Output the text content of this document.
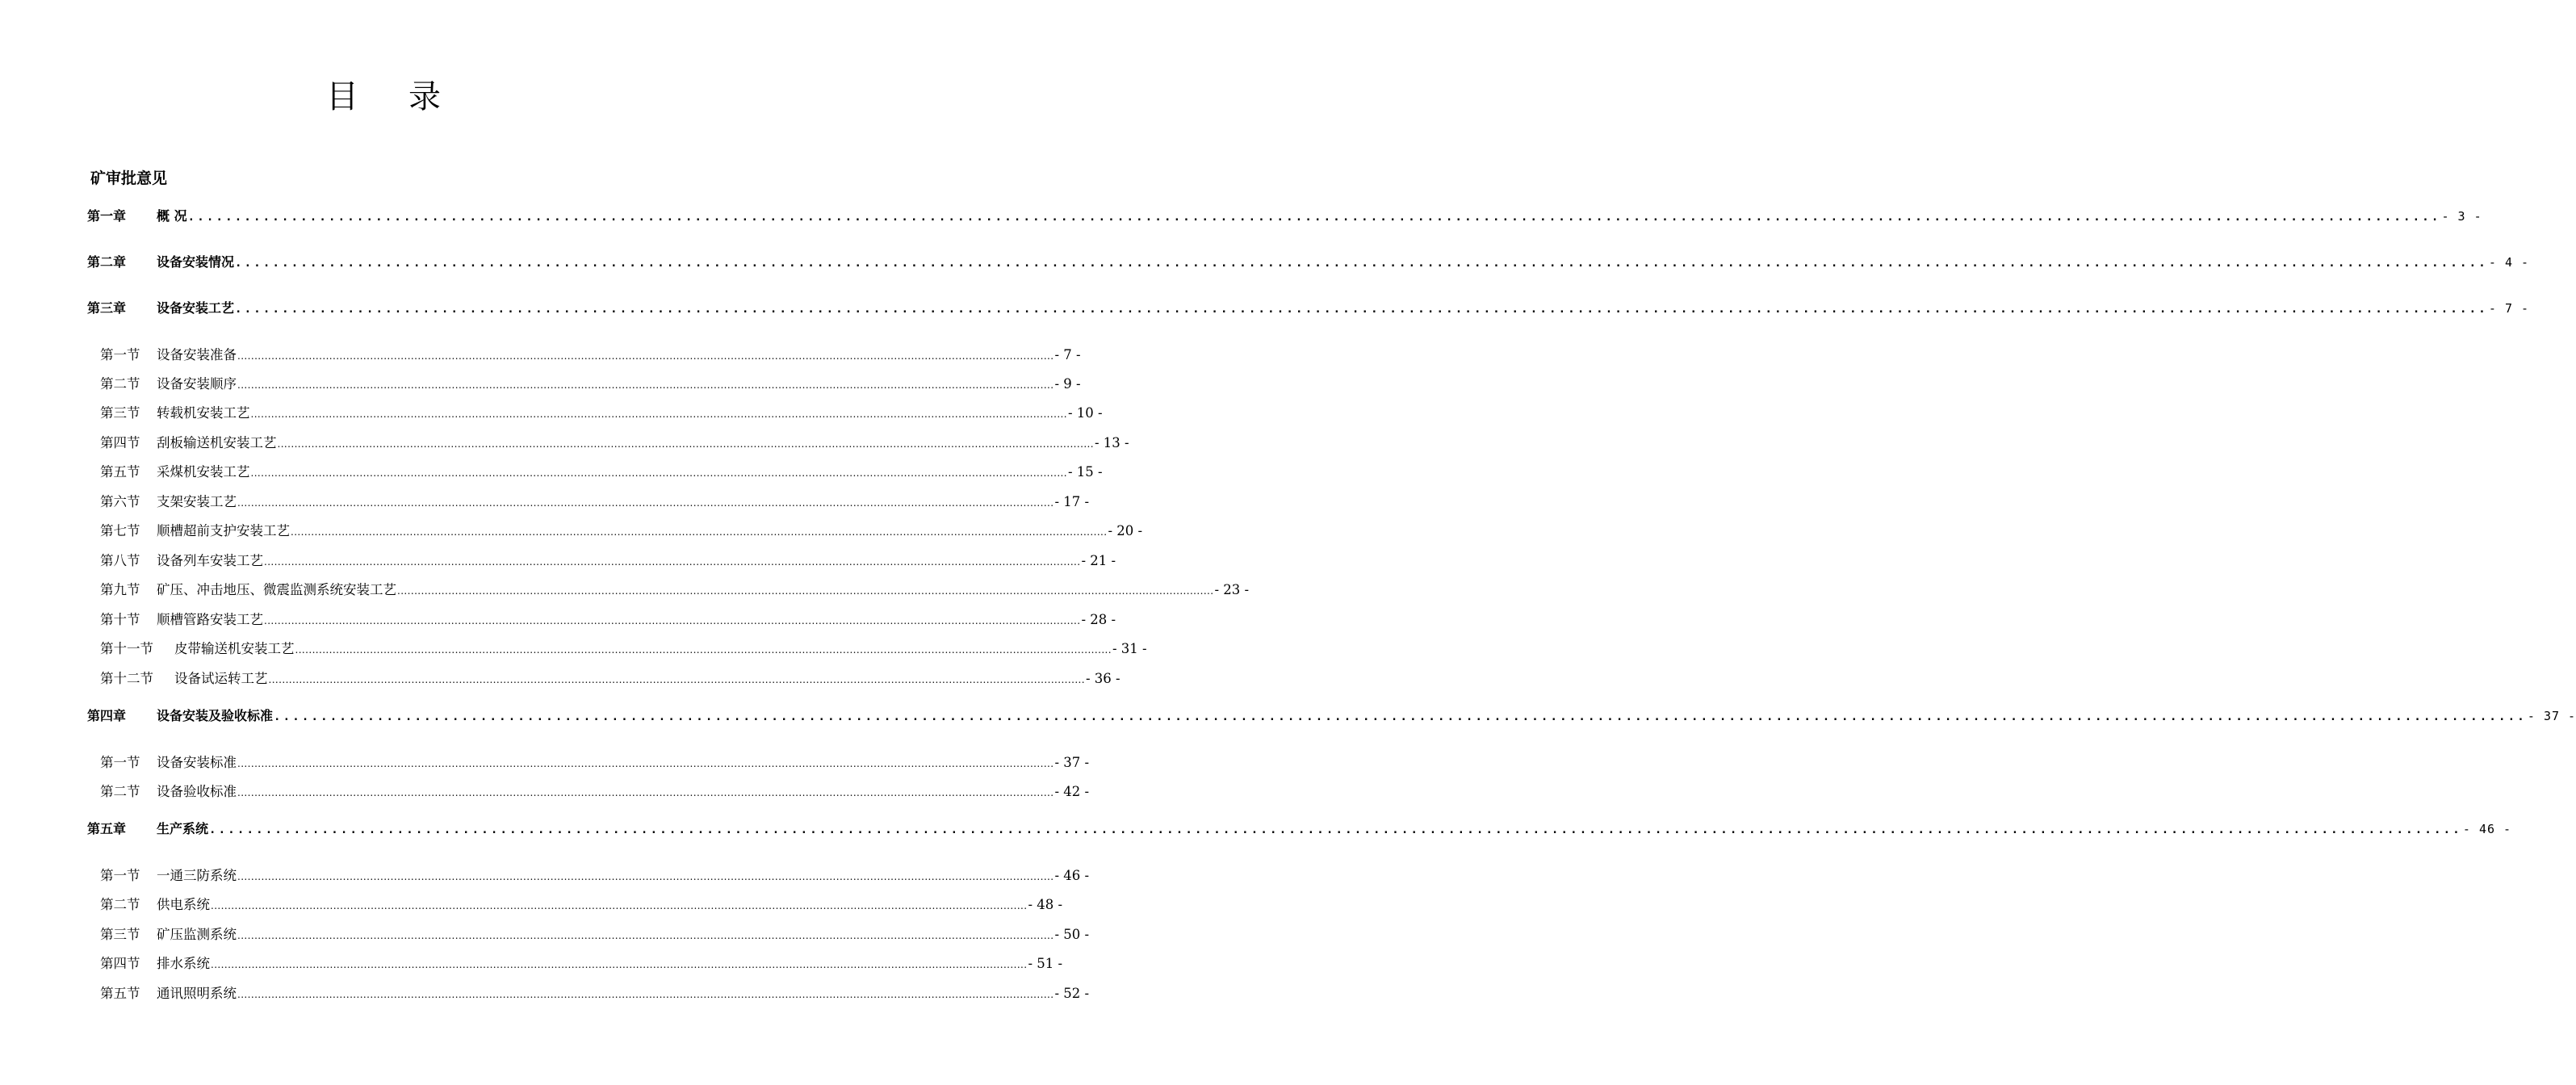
目 录
矿审批意见
第一章	概 况 ................................................................................................................................................................................................................................................ - 3 -
第二章	设备安装情况 ................................................................................................................................................................................................................................................ - 4 -
第三章	设备安装工艺 ................................................................................................................................................................................................................................................ - 7 -
第一节	设备安装准备 ................................................................................................................................................................................................................................................ - 7 -
第二节	设备安装顺序 ................................................................................................................................................................................................................................................ - 9 -
第三节	转载机安装工艺 ................................................................................................................................................................................................................................................ - 10 -
第四节	刮板输送机安装工艺 ................................................................................................................................................................................................................................................ - 13 -
第五节	采煤机安装工艺 ................................................................................................................................................................................................................................................ - 15 -
第六节	支架安装工艺 ................................................................................................................................................................................................................................................ - 17 -
第七节	顺槽超前支护安装工艺 ................................................................................................................................................................................................................................................ - 20 -
第八节	设备列车安装工艺 ................................................................................................................................................................................................................................................ - 21 -
第九节	矿压、冲击地压、微震监测系统安装工艺 ................................................................................................................................................................................................................................................ - 23 -
第十节	顺槽管路安装工艺 ................................................................................................................................................................................................................................................ - 28 -
第十一节	皮带输送机安装工艺 ................................................................................................................................................................................................................................................ - 31 -
第十二节	设备试运转工艺 ................................................................................................................................................................................................................................................ - 36 -
第四章	设备安装及验收标准 ................................................................................................................................................................................................................................................ - 37 -
第一节	设备安装标准 ................................................................................................................................................................................................................................................ - 37 -
第二节	设备验收标准 ................................................................................................................................................................................................................................................ - 42 -
第五章	生产系统 ................................................................................................................................................................................................................................................ - 46 -
第一节	一通三防系统 ................................................................................................................................................................................................................................................ - 46 -
第二节	供电系统 ................................................................................................................................................................................................................................................ - 48 -
第三节	矿压监测系统 ................................................................................................................................................................................................................................................ - 50 -
第四节	排水系统 ................................................................................................................................................................................................................................................ - 51 -
第五节	通讯照明系统 ................................................................................................................................................................................................................................................ - 52 -
